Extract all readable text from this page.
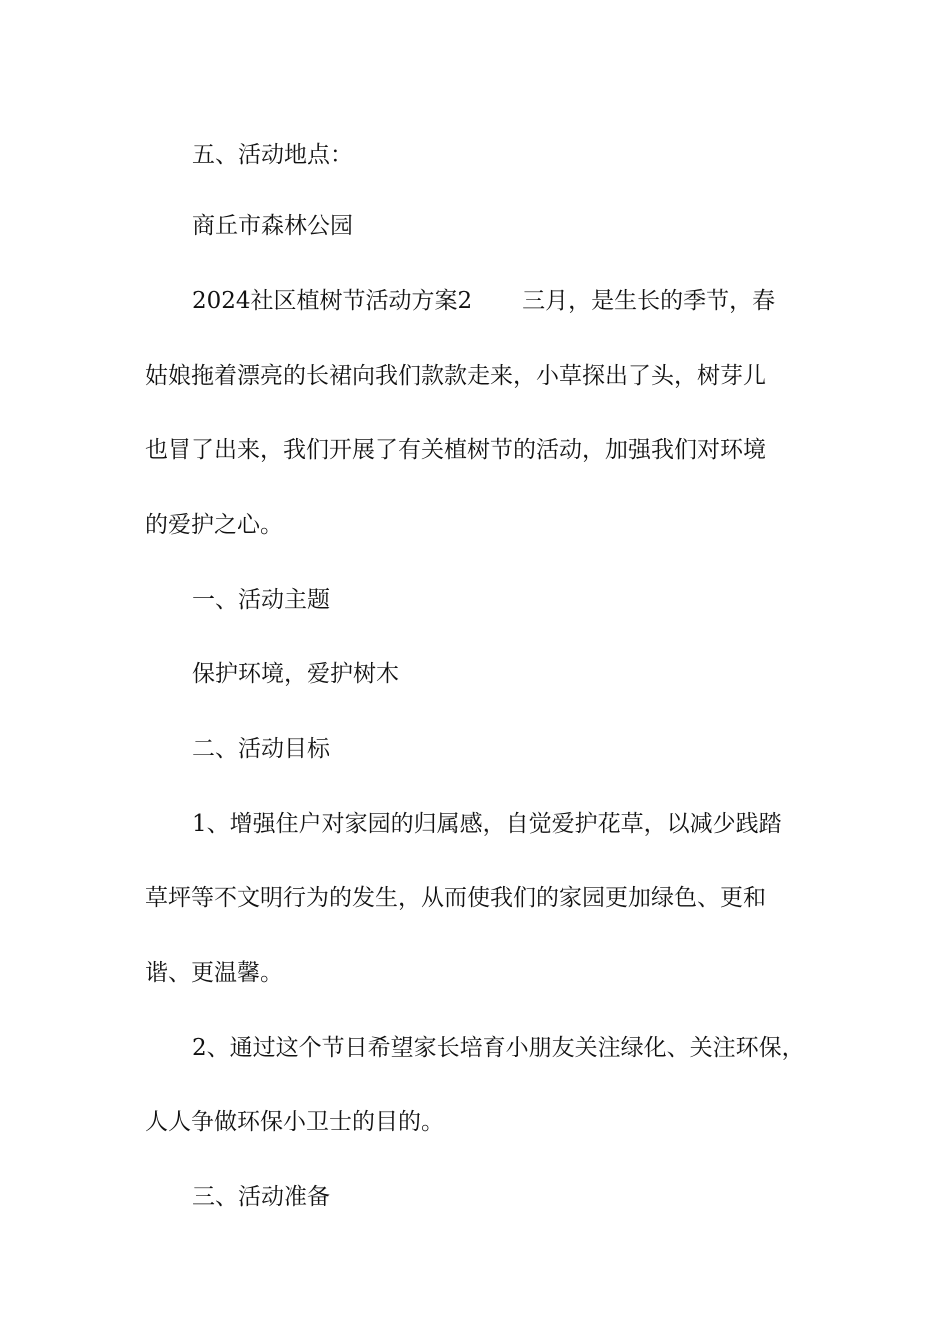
五、活动地点：

商丘市森林公园

2024社区植树节活动方案2 三月，是生长的季节，春

姑娘拖着漂亮的长裙向我们款款走来，小草探出了头，树芽儿

也冒了出来，我们开展了有关植树节的活动，加强我们对环境

的爱护之心。

一、活动主题

保护环境，爱护树木

二、活动目标

1、增强住户对家园的归属感，自觉爱护花草，以减少践踏

草坪等不文明行为的发生，从而使我们的家园更加绿色、更和

谐、更温馨。

2、通过这个节日希望家长培育小朋友关注绿化、关注环保，

人人争做环保小卫士的目的。

三、活动准备
